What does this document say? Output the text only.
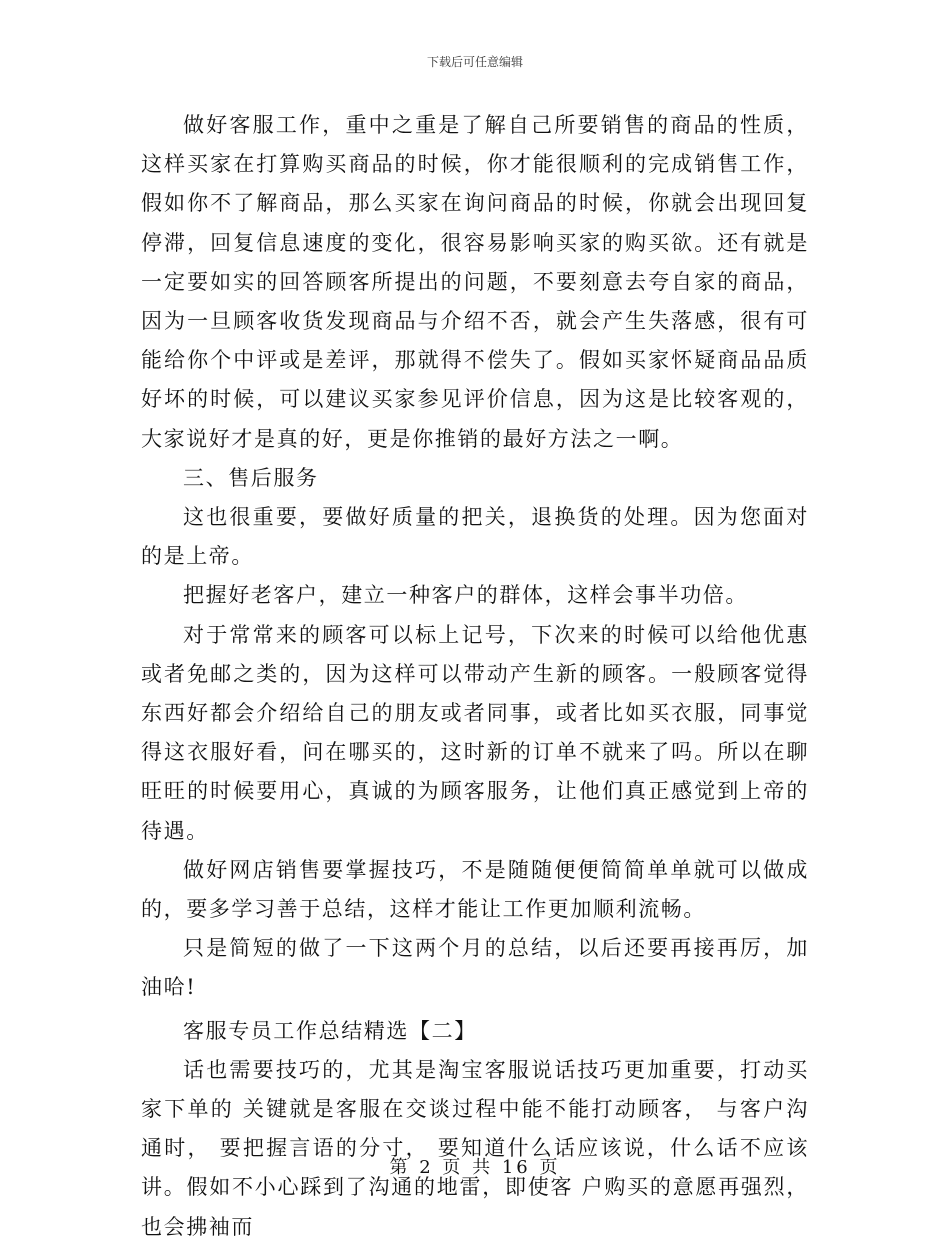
下载后可任意编辑

做好客服工作，重中之重是了解自己所要销售的商品的性质，这样买家在打算购买商品的时候，你才能很顺利的完成销售工作，假如你不了解商品，那么买家在询问商品的时候，你就会出现回复停滞，回复信息速度的变化，很容易影响买家的购买欲。还有就是一定要如实的回答顾客所提出的问题，不要刻意去夸自家的商品，因为一旦顾客收货发现商品与介绍不否，就会产生失落感，很有可能给你个中评或是差评，那就得不偿失了。假如买家怀疑商品品质好坏的时候，可以建议买家参见评价信息，因为这是比较客观的，大家说好才是真的好，更是你推销的最好方法之一啊。

三、售后服务

这也很重要，要做好质量的把关，退换货的处理。因为您面对的是上帝。

把握好老客户，建立一种客户的群体，这样会事半功倍。

对于常常来的顾客可以标上记号，下次来的时候可以给他优惠或者免邮之类的，因为这样可以带动产生新的顾客。一般顾客觉得东西好都会介绍给自己的朋友或者同事，或者比如买衣服，同事觉得这衣服好看，问在哪买的，这时新的订单不就来了吗。所以在聊旺旺的时候要用心，真诚的为顾客服务，让他们真正感觉到上帝的待遇。

做好网店销售要掌握技巧，不是随随便便简简单单就可以做成的，要多学习善于总结，这样才能让工作更加顺利流畅。

只是简短的做了一下这两个月的总结，以后还要再接再厉，加油哈!

客服专员工作总结精选【二】

话也需要技巧的，尤其是淘宝客服说话技巧更加重要，打动买家下单的 关键就是客服在交谈过程中能不能打动顾客， 与客户沟通时， 要把握言语的分寸， 要知道什么话应该说，什么话不应该讲。假如不小心踩到了沟通的地雷，即使客 户购买的意愿再强烈，也会拂袖而

第 2 页 共 16 页
